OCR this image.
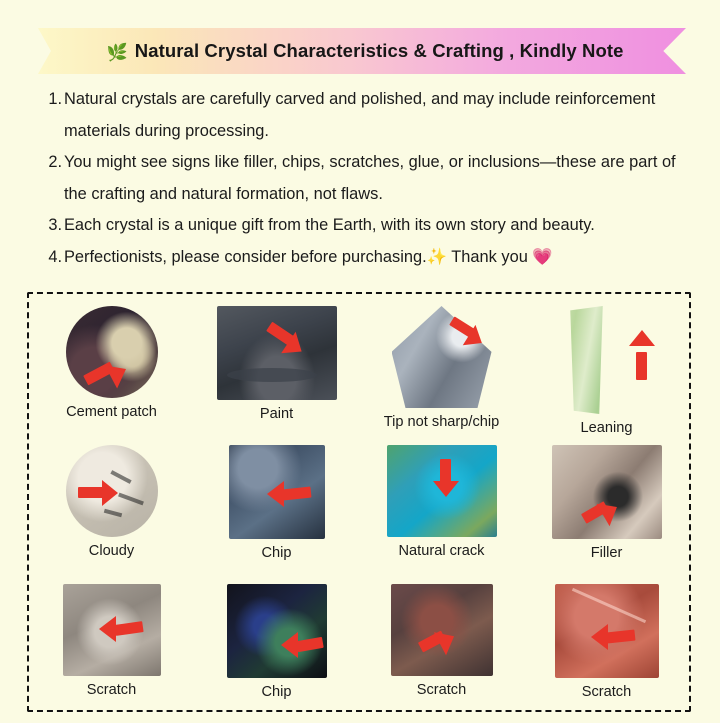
🌿 Natural Crystal Characteristics & Crafting , Kindly Note
1. Natural crystals are carefully carved and polished, and may include reinforcement materials during processing.
2. You might see signs like filler, chips, scratches, glue, or inclusions—these are part of the crafting and natural formation, not flaws.
3. Each crystal is a unique gift from the Earth, with its own story and beauty.
4. Perfectionists, please consider before purchasing.✨ Thank you 💗
Cement patch	Paint	Tip not sharp/chip	Leaning
Cloudy	Chip	Natural crack	Filler
Scratch	Chip	Scratch	Scratch
